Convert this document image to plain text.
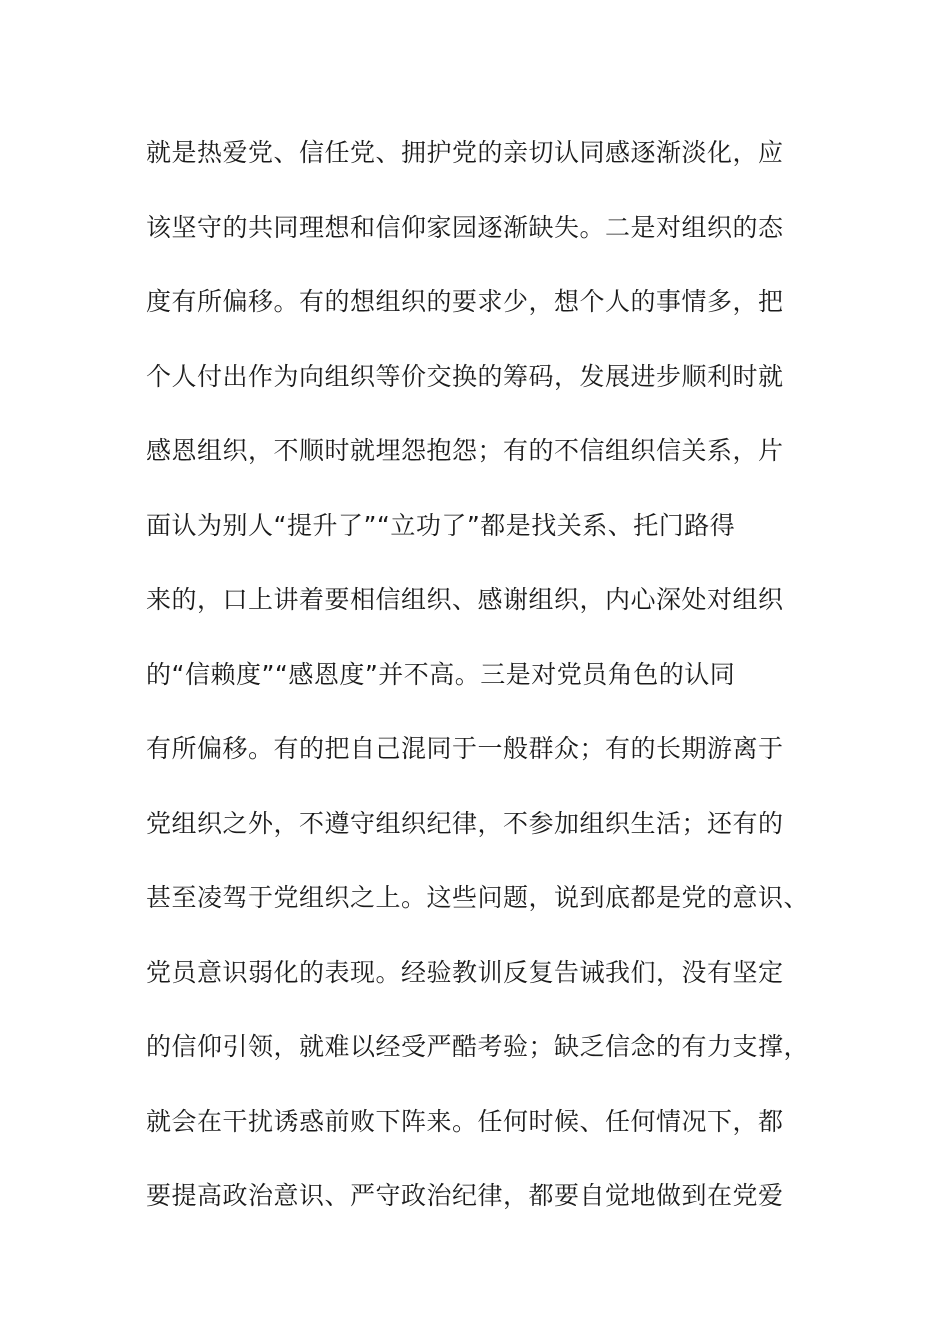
就是热爱党、信任党、拥护党的亲切认同感逐渐淡化，应
该坚守的共同理想和信仰家园逐渐缺失。二是对组织的态
度有所偏移。有的想组织的要求少，想个人的事情多，把
个人付出作为向组织等价交换的筹码，发展进步顺利时就
感恩组织，不顺时就埋怨抱怨；有的不信组织信关系，片
面认为别人“提升了”“立功了”都是找关系、托门路得
来的，口上讲着要相信组织、感谢组织，内心深处对组织
的“信赖度”“感恩度”并不高。三是对党员角色的认同
有所偏移。有的把自己混同于一般群众；有的长期游离于
党组织之外，不遵守组织纪律，不参加组织生活；还有的
甚至凌驾于党组织之上。这些问题，说到底都是党的意识、
党员意识弱化的表现。经验教训反复告诫我们，没有坚定
的信仰引领，就难以经受严酷考验；缺乏信念的有力支撑，
就会在干扰诱惑前败下阵来。任何时候、任何情况下，都
要提高政治意识、严守政治纪律，都要自觉地做到在党爱
